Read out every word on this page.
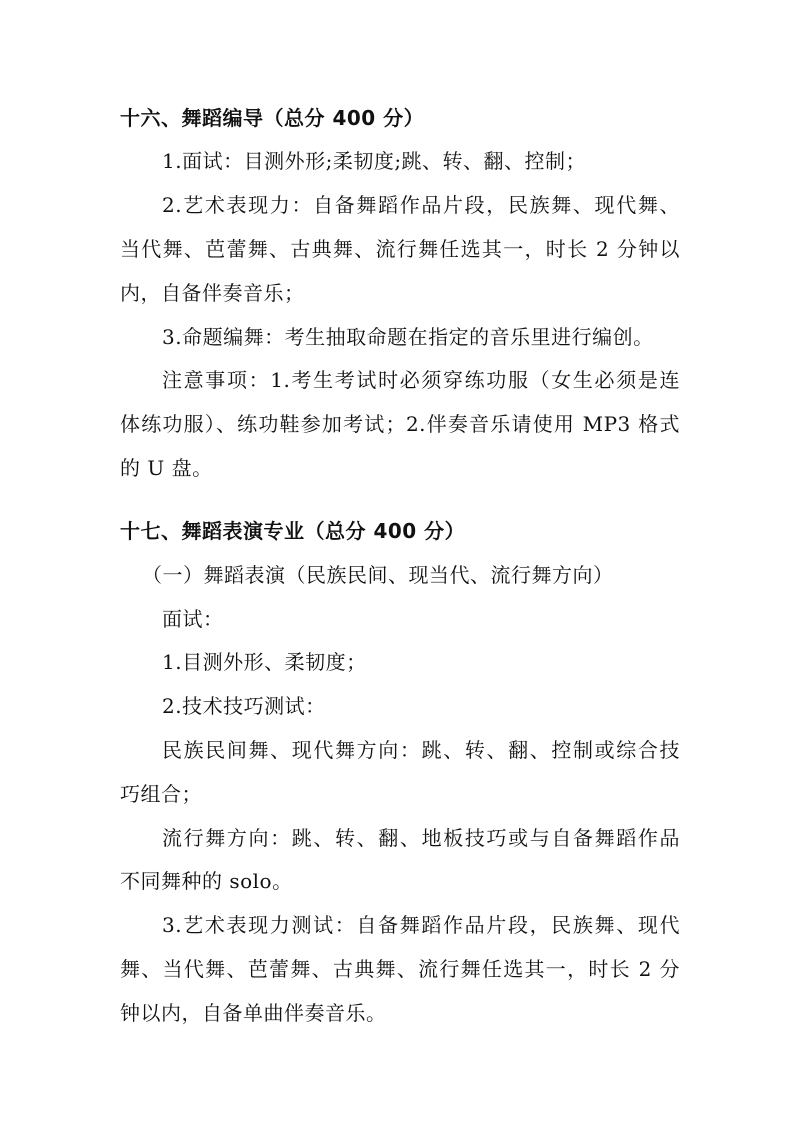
十六、舞蹈编导（总分 400 分）
1.面试：目测外形;柔韧度;跳、转、翻、控制；
2.艺术表现力：自备舞蹈作品片段，民族舞、现代舞、
当代舞、芭蕾舞、古典舞、流行舞任选其一，时长 2 分钟以
内，自备伴奏音乐；
3.命题编舞：考生抽取命题在指定的音乐里进行编创。
注意事项：1.考生考试时必须穿练功服（女生必须是连
体练功服）、练功鞋参加考试；2.伴奏音乐请使用 MP3 格式
的 U 盘。
十七、舞蹈表演专业（总分 400 分）
（一）舞蹈表演（民族民间、现当代、流行舞方向）
面试：
1.目测外形、柔韧度；
2.技术技巧测试：
民族民间舞、现代舞方向：跳、转、翻、控制或综合技
巧组合；
流行舞方向：跳、转、翻、地板技巧或与自备舞蹈作品
不同舞种的 solo。
3.艺术表现力测试：自备舞蹈作品片段，民族舞、现代
舞、当代舞、芭蕾舞、古典舞、流行舞任选其一，时长 2 分
钟以内，自备单曲伴奏音乐。
